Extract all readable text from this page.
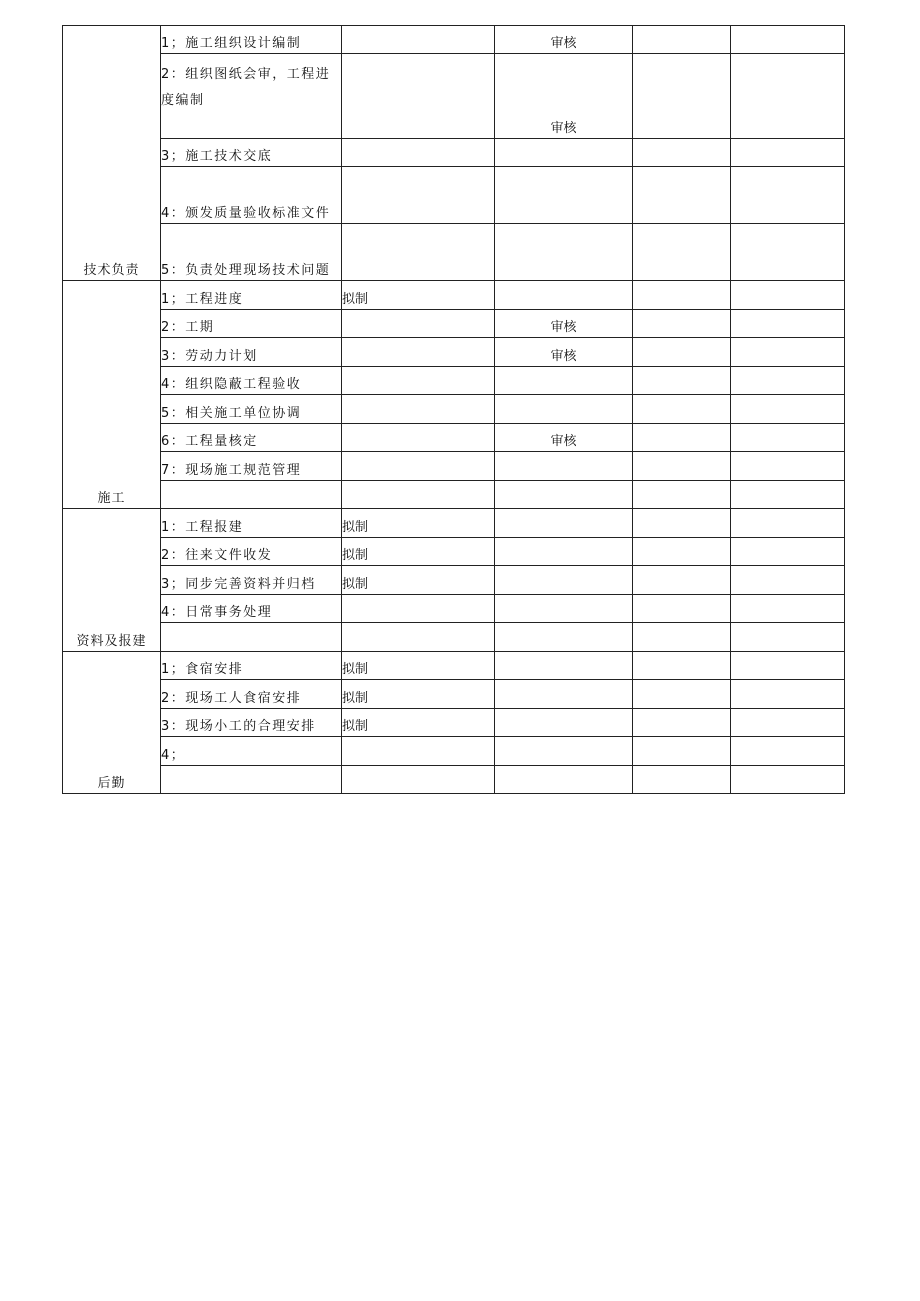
技术负责	1；施工组织设计编制		审核		
	2：组织图纸会审，工程进度编制		审核		
	3；施工技术交底				
	4：颁发质量验收标准文件				
	5：负责处理现场技术问题				
施工	1；工程进度	拟制			
	2：工期		审核		
	3：劳动力计划		审核		
	4：组织隐蔽工程验收				
	5：相关施工单位协调				
	6：工程量核定		审核		
	7：现场施工规范管理				

资料及报建	1：工程报建	拟制			
	2：往来文件收发	拟制			
	3；同步完善资料并归档	拟制			
	4：日常事务处理				

后勤	1；食宿安排	拟制			
	2：现场工人食宿安排	拟制			
	3：现场小工的合理安排	拟制			
	4；				
